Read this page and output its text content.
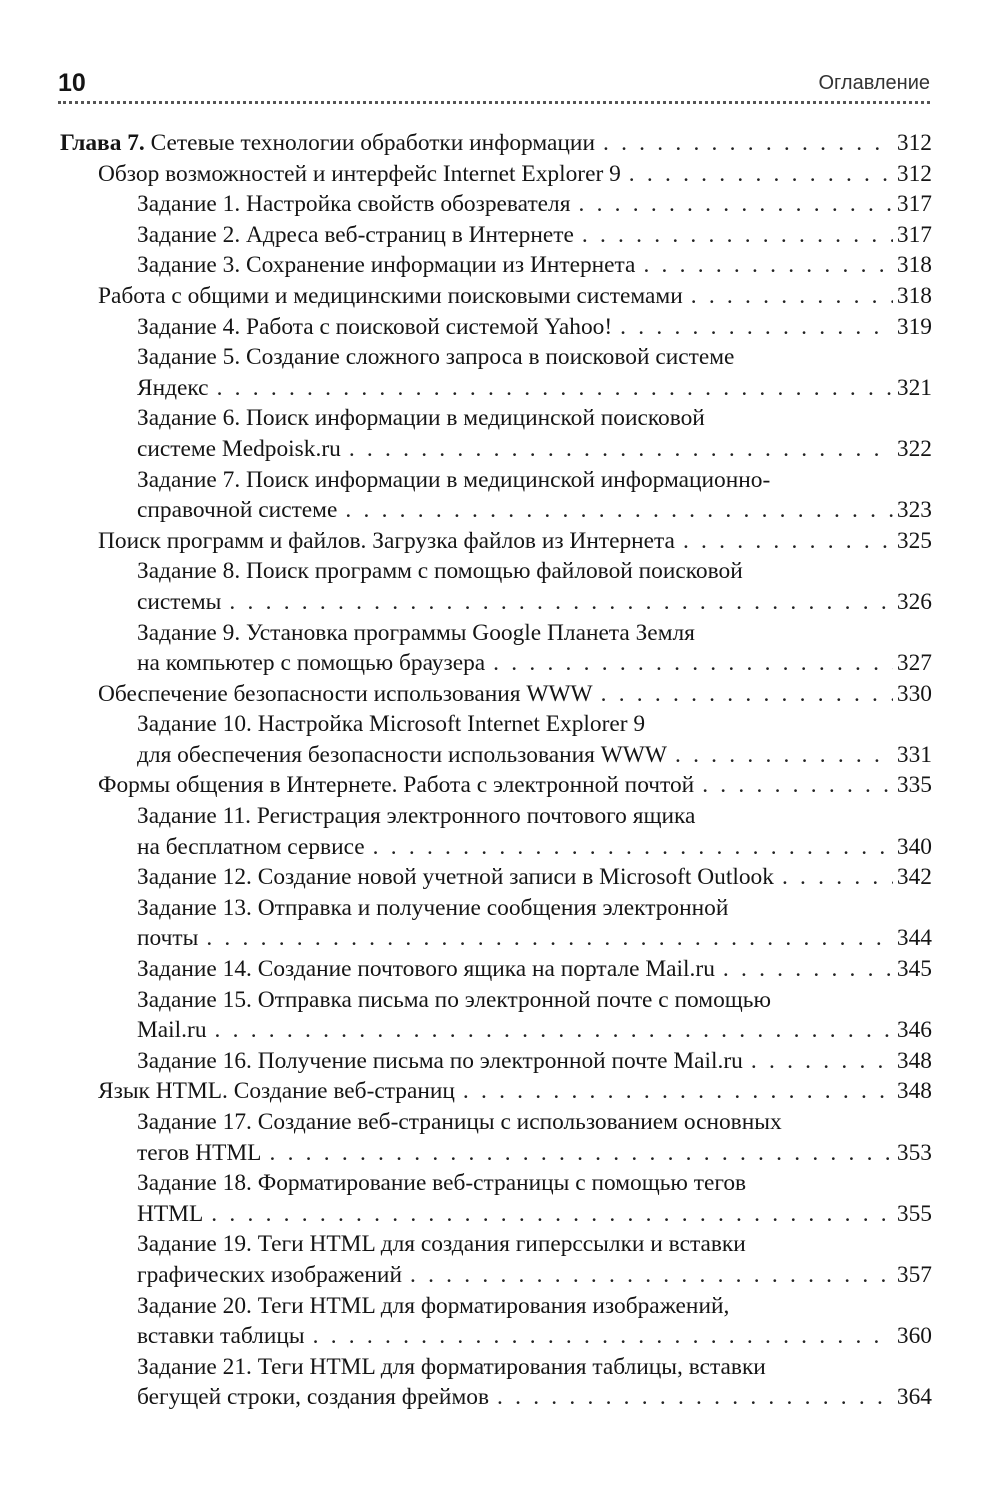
10	Оглавление
Глава 7. Сетевые технологии обработки информации . . .	312
Обзор возможностей и интерфейс Internet Explorer 9 . . .	312
Задание 1. Настройка свойств обозревателя . . .	317
Задание 2. Адреса веб-страниц в Интернете . . .	317
Задание 3. Сохранение информации из Интернета . . .	318
Работа с общими и медицинскими поисковыми системами . . .	318
Задание 4. Работа с поисковой системой Yahoo! . . .	319
Задание 5. Создание сложного запроса в поисковой системе
Яндекс . . .	321
Задание 6. Поиск информации в медицинской поисковой
системе Medpoisk.ru . . .	322
Задание 7. Поиск информации в медицинской информационно-
справочной системе . . .	323
Поиск программ и файлов. Загрузка файлов из Интернета . . .	325
Задание 8. Поиск программ с помощью файловой поисковой
системы . . .	326
Задание 9. Установка программы Google Планета Земля
на компьютер с помощью браузера . . .	327
Обеспечение безопасности использования WWW . . .	330
Задание 10. Настройка Microsoft Internet Explorer 9
для обеспечения безопасности использования WWW . . .	331
Формы общения в Интернете. Работа с электронной почтой . . .	335
Задание 11. Регистрация электронного почтового ящика
на бесплатном сервисе . . .	340
Задание 12. Создание новой учетной записи в Microsoft Outlook . . .	342
Задание 13. Отправка и получение сообщения электронной
почты . . .	344
Задание 14. Создание почтового ящика на портале Mail.ru . . .	345
Задание 15. Отправка письма по электронной почте с помощью
Mail.ru . . .	346
Задание 16. Получение письма по электронной почте Mail.ru . . .	348
Язык HTML. Создание веб-страниц . . .	348
Задание 17. Создание веб-страницы с использованием основных
тегов HTML . . .	353
Задание 18. Форматирование веб-страницы с помощью тегов
HTML . . .	355
Задание 19. Теги HTML для создания гиперссылки и вставки
графических изображений . . .	357
Задание 20. Теги HTML для форматирования изображений,
вставки таблицы . . .	360
Задание 21. Теги HTML для форматирования таблицы, вставки
бегущей строки, создания фреймов . . .	364
